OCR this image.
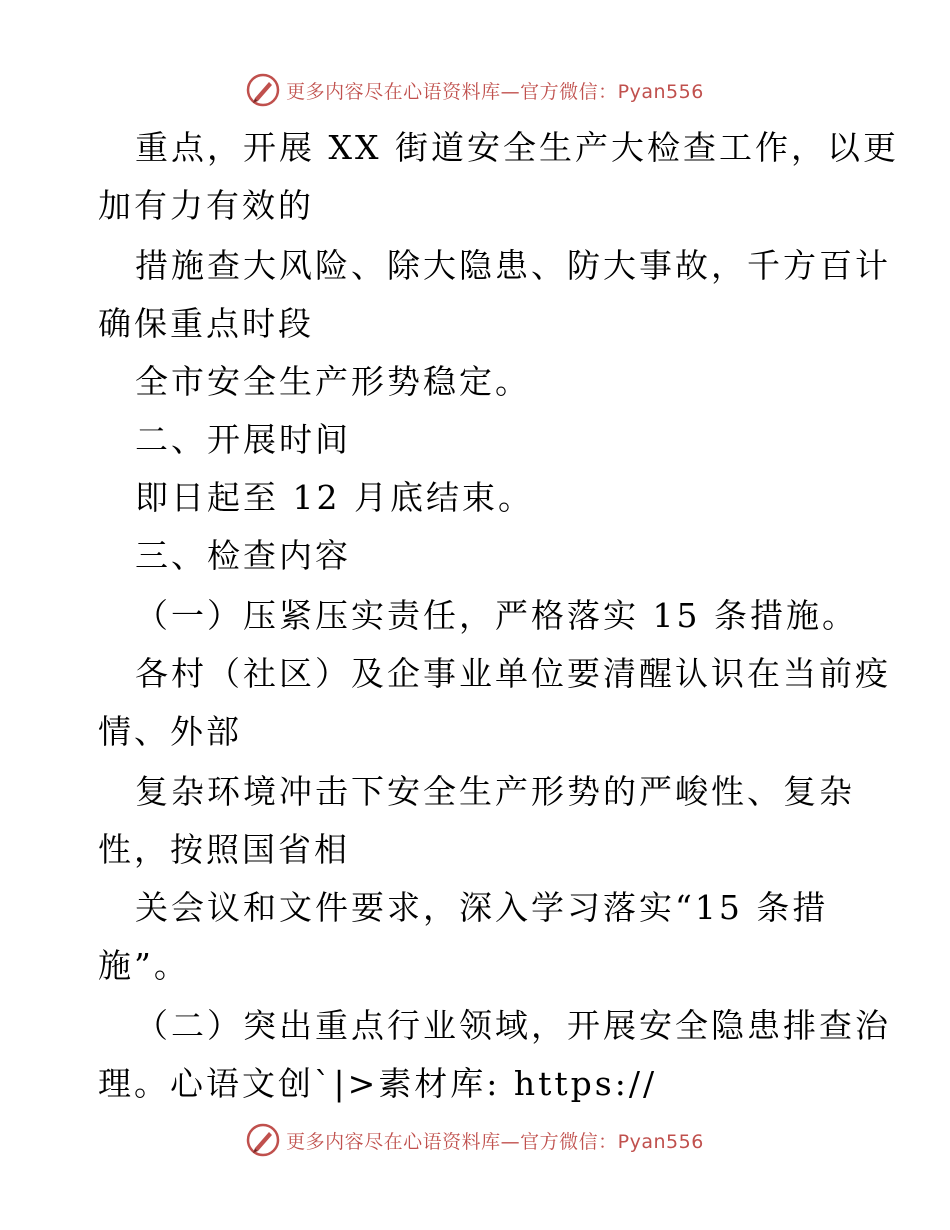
更多内容尽在心语资料库—官方微信：Pyan556
重点，开展 XX 街道安全生产大检查工作，以更
加有力有效的
措施查大风险、除大隐患、防大事故，千方百计
确保重点时段
全市安全生产形势稳定。
二、开展时间
即日起至 12 月底结束。
三、检查内容
（一）压紧压实责任，严格落实 15 条措施。
各村（社区）及企事业单位要清醒认识在当前疫
情、外部
复杂环境冲击下安全生产形势的严峻性、复杂
性，按照国省相
关会议和文件要求，深入学习落实“15 条措
施”。
（二）突出重点行业领域，开展安全隐患排查治
理。心语文创`|>素材库: https://
更多内容尽在心语资料库—官方微信：Pyan556
